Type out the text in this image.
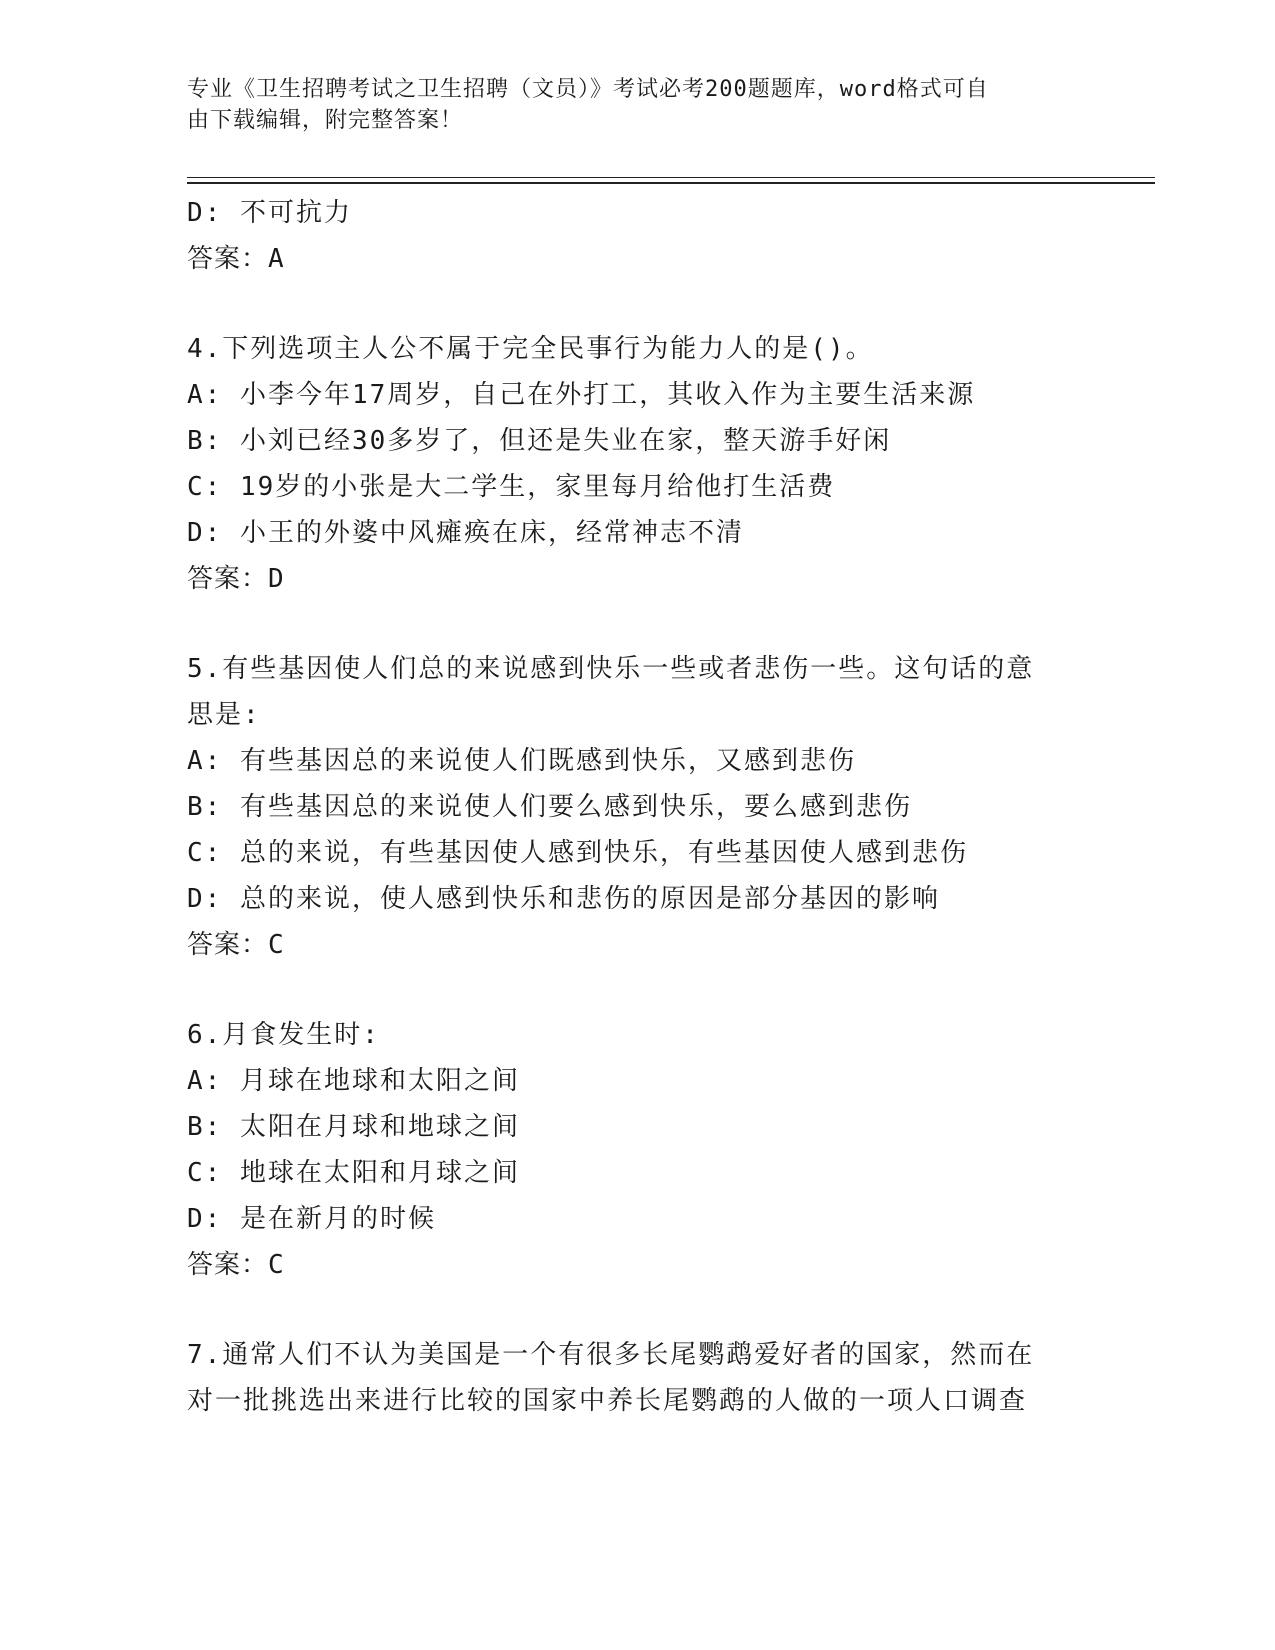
专业《卫生招聘考试之卫生招聘（文员）》考试必考200题题库，word格式可自
由下载编辑，附完整答案！
D: 不可抗力
答案：A
4.下列选项主人公不属于完全民事行为能力人的是()。
A: 小李今年17周岁，自己在外打工，其收入作为主要生活来源
B: 小刘已经30多岁了，但还是失业在家，整天游手好闲
C: 19岁的小张是大二学生，家里每月给他打生活费
D: 小王的外婆中风瘫痪在床，经常神志不清
答案：D
5.有些基因使人们总的来说感到快乐一些或者悲伤一些。这句话的意
思是:
A: 有些基因总的来说使人们既感到快乐，又感到悲伤
B: 有些基因总的来说使人们要么感到快乐，要么感到悲伤
C: 总的来说，有些基因使人感到快乐，有些基因使人感到悲伤
D: 总的来说，使人感到快乐和悲伤的原因是部分基因的影响
答案：C
6.月食发生时:
A: 月球在地球和太阳之间
B: 太阳在月球和地球之间
C: 地球在太阳和月球之间
D: 是在新月的时候
答案：C
7.通常人们不认为美国是一个有很多长尾鹦鹉爱好者的国家，然而在
对一批挑选出来进行比较的国家中养长尾鹦鹉的人做的一项人口调查
